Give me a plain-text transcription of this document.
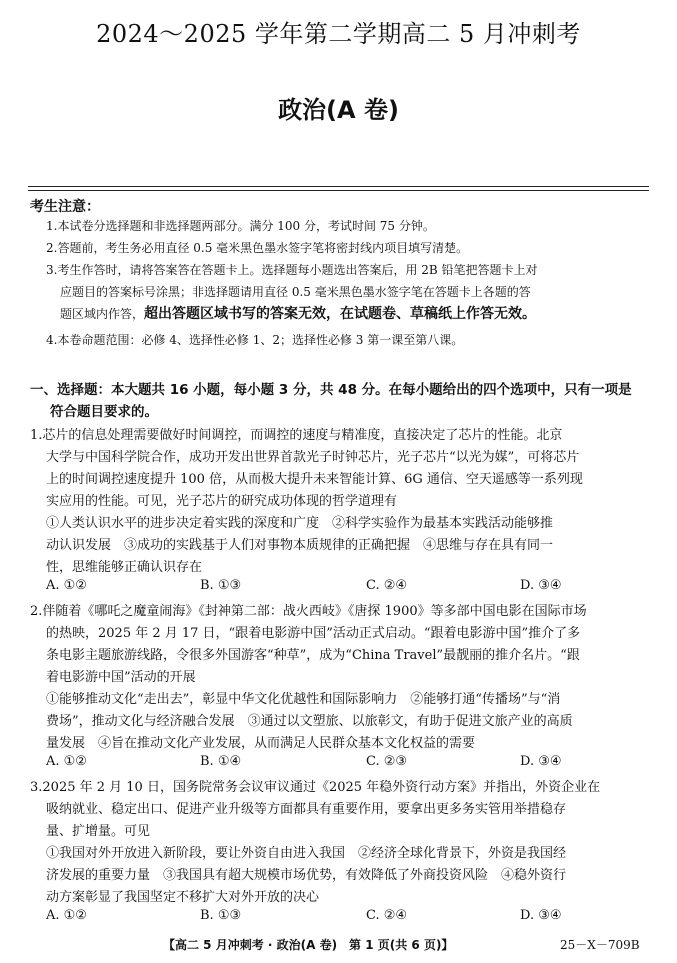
2024～2025 学年第二学期高二 5 月冲刺考
政治(A 卷)
考生注意：
1.本试卷分选择题和非选择题两部分。满分 100 分，考试时间 75 分钟。
2.答题前，考生务必用直径 0.5 毫米黑色墨水签字笔将密封线内项目填写清楚。
3.考生作答时，请将答案答在答题卡上。选择题每小题选出答案后，用 2B 铅笔把答题卡上对
应题目的答案标号涂黑；非选择题请用直径 0.5 毫米黑色墨水签字笔在答题卡上各题的答
题区域内作答，超出答题区域书写的答案无效，在试题卷、草稿纸上作答无效。
4.本卷命题范围：必修 4、选择性必修 1、2；选择性必修 3 第一课至第八课。
一、选择题：本大题共 16 小题，每小题 3 分，共 48 分。在每小题给出的四个选项中，只有一项是
符合题目要求的。
1.芯片的信息处理需要做好时间调控，而调控的速度与精准度，直接决定了芯片的性能。北京
大学与中国科学院合作，成功开发出世界首款光子时钟芯片，光子芯片“以光为媒”，可将芯片
上的时间调控速度提升 100 倍，从而极大提升未来智能计算、6G 通信、空天遥感等一系列现
实应用的性能。可见，光子芯片的研究成功体现的哲学道理有
①人类认识水平的进步决定着实践的深度和广度　②科学实验作为最基本实践活动能够推
动认识发展　③成功的实践基于人们对事物本质规律的正确把握　④思维与存在具有同一
性，思维能够正确认识存在
A. ①②	B. ①③	C. ②④	D. ③④
2.伴随着《哪吒之魔童闹海》《封神第二部：战火西岐》《唐探 1900》等多部中国电影在国际市场
的热映，2025 年 2 月 17 日，“跟着电影游中国”活动正式启动。“跟着电影游中国”推介了多
条电影主题旅游线路，令很多外国游客“种草”，成为“China Travel”最靓丽的推介名片。“跟
着电影游中国”活动的开展
①能够推动文化“走出去”，彰显中华文化优越性和国际影响力　②能够打通“传播场”与“消
费场”，推动文化与经济融合发展　③通过以文塑旅、以旅彰文，有助于促进文旅产业的高质
量发展　④旨在推动文化产业发展，从而满足人民群众基本文化权益的需要
A. ①②	B. ①④	C. ②③	D. ③④
3.2025 年 2 月 10 日，国务院常务会议审议通过《2025 年稳外资行动方案》并指出，外资企业在
吸纳就业、稳定出口、促进产业升级等方面都具有重要作用，要拿出更多务实管用举措稳存
量、扩增量。可见
①我国对外开放进入新阶段，要让外资自由进入我国　②经济全球化背景下，外资是我国经
济发展的重要力量　③我国具有超大规模市场优势，有效降低了外商投资风险　④稳外资行
动方案彰显了我国坚定不移扩大对外开放的决心
A. ①②	B. ①③	C. ②④	D. ③④
【高二 5 月冲刺考 · 政治(A 卷)　第 1 页(共 6 页)】	25－X－709B
